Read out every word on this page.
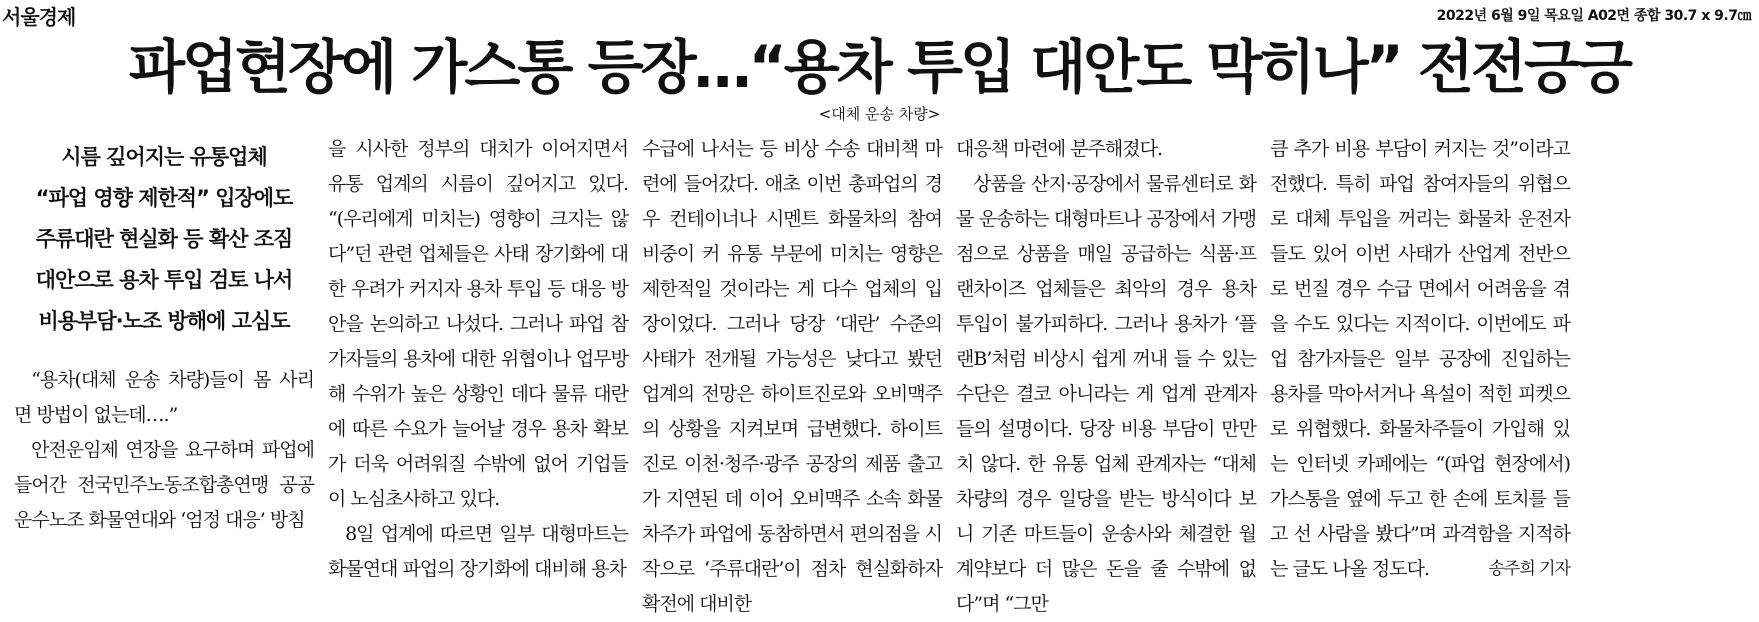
서울경제	2022년 6월 9일 목요일 A02면 종합 30.7 x 9.7㎝
파업현장에 가스통 등장…“용차 투입 대안도 막히나” 전전긍긍
<대체 운송 차량>
시름 깊어지는 유통업체
“파업 영향 제한적” 입장에도
주류대란 현실화 등 확산 조짐
대안으로 용차 투입 검토 나서
비용부담·노조 방해에 고심도

“용차(대체 운송 차량)들이 몸 사리면 방법이 없는데….”

안전운임제 연장을 요구하며 파업에 들어간 전국민주노동조합총연맹 공공운수노조 화물연대와 ‘엄정 대응’ 방침

을 시사한 정부의 대치가 이어지면서 유통 업계의 시름이 깊어지고 있다. “(우리에게 미치는) 영향이 크지는 않다”던 관련 업체들은 사태 장기화에 대한 우려가 커지자 용차 투입 등 대응 방안을 논의하고 나섰다. 그러나 파업 참가자들의 용차에 대한 위협이나 업무방해 수위가 높은 상황인 데다 물류 대란에 따른 수요가 늘어날 경우 용차 확보가 더욱 어려워질 수밖에 없어 기업들이 노심초사하고 있다.

8일 업계에 따르면 일부 대형마트는 화물연대 파업의 장기화에 대비해 용차

수급에 나서는 등 비상 수송 대비책 마련에 들어갔다. 애초 이번 총파업의 경우 컨테이너나 시멘트 화물차의 참여 비중이 커 유통 부문에 미치는 영향은 제한적일 것이라는 게 다수 업체의 입장이었다. 그러나 당장 ‘대란’ 수준의 사태가 전개될 가능성은 낮다고 봤던 업계의 전망은 하이트진로와 오비맥주의 상황을 지켜보며 급변했다. 하이트진로 이천·청주·광주 공장의 제품 출고가 지연된 데 이어 오비맥주 소속 화물차주가 파업에 동참하면서 편의점을 시작으로 ‘주류대란’이 점차 현실화하자 확전에 대비한

대응책 마련에 분주해졌다.

상품을 산지·공장에서 물류센터로 화물 운송하는 대형마트나 공장에서 가맹점으로 상품을 매일 공급하는 식품·프랜차이즈 업체들은 최악의 경우 용차 투입이 불가피하다. 그러나 용차가 ‘플랜B’처럼 비상시 쉽게 꺼내 들 수 있는 수단은 결코 아니라는 게 업계 관계자들의 설명이다. 당장 비용 부담이 만만치 않다. 한 유통 업체 관계자는 “대체 차량의 경우 일당을 받는 방식이다 보니 기존 마트들이 운송사와 체결한 월 계약보다 더 많은 돈을 줄 수밖에 없다”며 “그만

큼 추가 비용 부담이 커지는 것”이라고 전했다. 특히 파업 참여자들의 위협으로 대체 투입을 꺼리는 화물차 운전자들도 있어 이번 사태가 산업계 전반으로 번질 경우 수급 면에서 어려움을 겪을 수도 있다는 지적이다. 이번에도 파업 참가자들은 일부 공장에 진입하는 용차를 막아서거나 욕설이 적힌 피켓으로 위협했다. 화물차주들이 가입해 있는 인터넷 카페에는 “(파업 현장에서) 가스통을 옆에 두고 한 손에 토치를 들고 선 사람을 봤다”며 과격함을 지적하는 글도 나올 정도다.	송주희 기자
